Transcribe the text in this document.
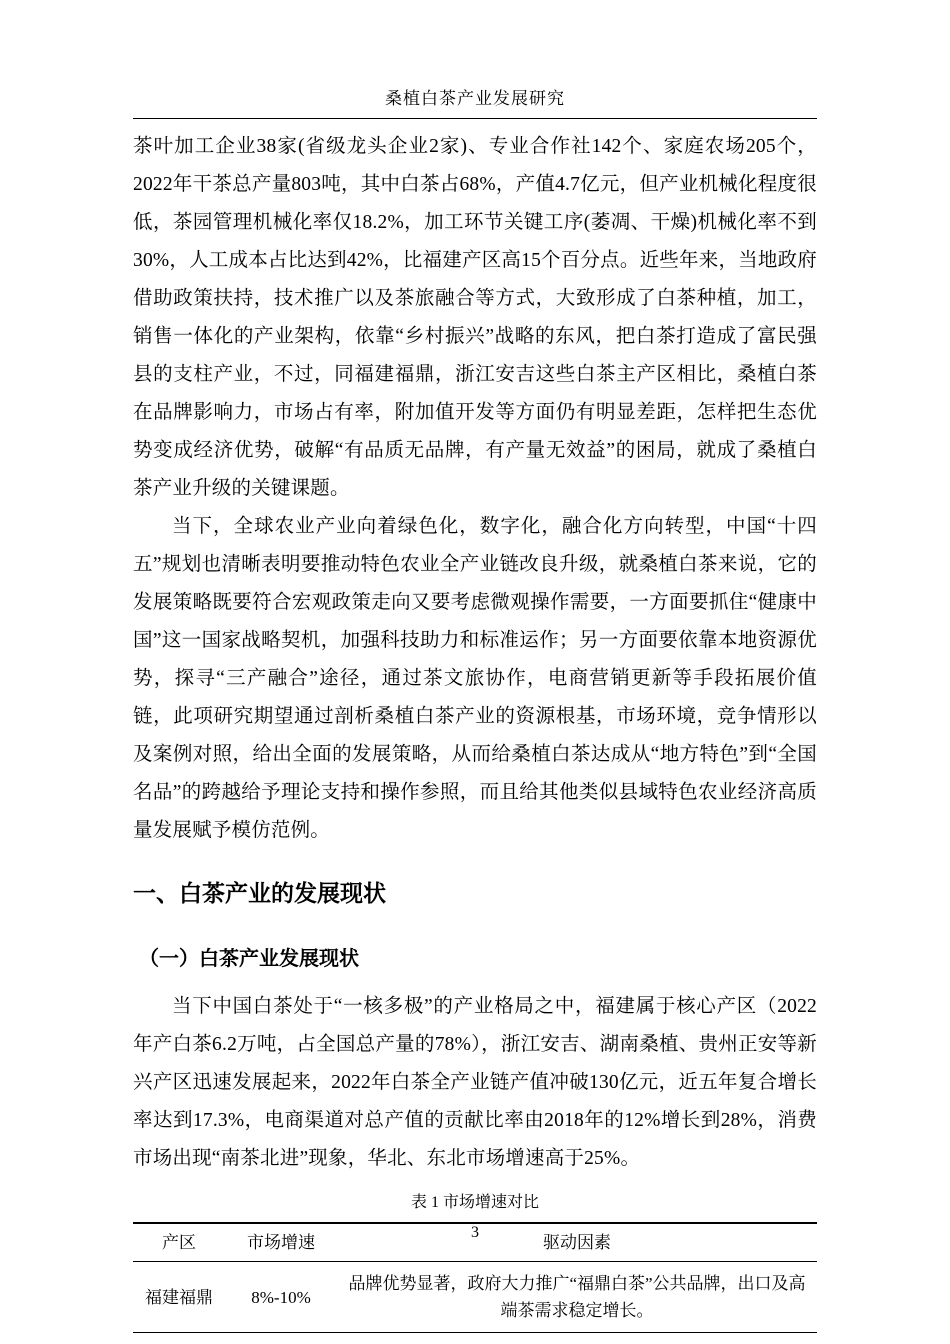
桑植白茶产业发展研究

茶叶加工企业38家(省级龙头企业2家)、专业合作社142个、家庭农场205个，2022年干茶总产量803吨，其中白茶占68%，产值4.7亿元，但产业机械化程度很低，茶园管理机械化率仅18.2%，加工环节关键工序(萎凋、干燥)机械化率不到30%，人工成本占比达到42%，比福建产区高15个百分点。近些年来，当地政府借助政策扶持，技术推广以及茶旅融合等方式，大致形成了白茶种植，加工，销售一体化的产业架构，依靠“乡村振兴”战略的东风，把白茶打造成了富民强县的支柱产业，不过，同福建福鼎，浙江安吉这些白茶主产区相比，桑植白茶在品牌影响力，市场占有率，附加值开发等方面仍有明显差距，怎样把生态优势变成经济优势，破解“有品质无品牌，有产量无效益”的困局，就成了桑植白茶产业升级的关键课题。

当下，全球农业产业向着绿色化，数字化，融合化方向转型，中国“十四五”规划也清晰表明要推动特色农业全产业链改良升级，就桑植白茶来说，它的发展策略既要符合宏观政策走向又要考虑微观操作需要，一方面要抓住“健康中国”这一国家战略契机，加强科技助力和标准运作；另一方面要依靠本地资源优势，探寻“三产融合”途径，通过茶文旅协作，电商营销更新等手段拓展价值链，此项研究期望通过剖析桑植白茶产业的资源根基，市场环境，竞争情形以及案例对照，给出全面的发展策略，从而给桑植白茶达成从“地方特色”到“全国名品”的跨越给予理论支持和操作参照，而且给其他类似县域特色农业经济高质量发展赋予模仿范例。

一、白茶产业的发展现状
（一）白茶产业发展现状

当下中国白茶处于“一核多极”的产业格局之中，福建属于核心产区（2022年产白茶6.2万吨，占全国总产量的78%），浙江安吉、湖南桑植、贵州正安等新兴产区迅速发展起来，2022年白茶全产业链产值冲破130亿元，近五年复合增长率达到17.3%，电商渠道对总产值的贡献比率由2018年的12%增长到28%，消费市场出现“南茶北进”现象，华北、东北市场增速高于25%。

表 1 市场增速对比
产区	市场增速	驱动因素
福建福鼎	8%-10%	品牌优势显著，政府大力推广“福鼎白茶”公共品牌，出口及高端茶需求稳定增长。
3
